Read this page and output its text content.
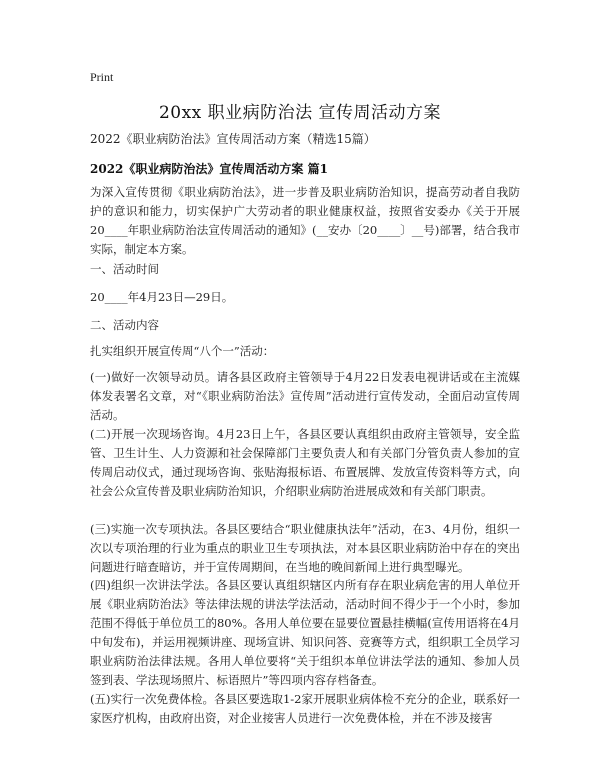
Print
20xx 职业病防治法 宣传周活动方案
2022《职业病防治法》宣传周活动方案（精选15篇）
2022《职业病防治法》宣传周活动方案 篇1

为深入宣传贯彻《职业病防治法》，进一步普及职业病防治知识，提高劳动者自我防护的意识和能力，切实保护广大劳动者的职业健康权益，按照省安委办《关于开展20____年职业病防治法宣传周活动的通知》(__安办〔20____〕__号)部署，结合我市实际，制定本方案。

一、活动时间

20____年4月23日—29日。

二、活动内容

扎实组织开展宣传周“八个一”活动：

(一)做好一次领导动员。请各县区政府主管领导于4月22日发表电视讲话或在主流媒体发表署名文章，对“《职业病防治法》宣传周”活动进行宣传发动，全面启动宣传周活动。

(二)开展一次现场咨询。4月23日上午，各县区要认真组织由政府主管领导，安全监管、卫生计生、人力资源和社会保障部门主要负责人和有关部门分管负责人参加的宣传周启动仪式，通过现场咨询、张贴海报标语、布置展牌、发放宣传资料等方式，向社会公众宣传普及职业病防治知识，介绍职业病防治进展成效和有关部门职责。

(三)实施一次专项执法。各县区要结合“职业健康执法年”活动，在3、4月份，组织一次以专项治理的行业为重点的职业卫生专项执法，对本县区职业病防治中存在的突出问题进行暗查暗访，并于宣传周期间，在当地的晚间新闻上进行典型曝光。

(四)组织一次讲法学法。各县区要认真组织辖区内所有存在职业病危害的用人单位开展《职业病防治法》等法律法规的讲法学法活动，活动时间不得少于一个小时，参加范围不得低于单位员工的80%。各用人单位要在显要位置悬挂横幅(宣传用语将在4月中旬发布)，并运用视频讲座、现场宣讲、知识问答、竞赛等方式，组织职工全员学习职业病防治法律法规。各用人单位要将“关于组织本单位讲法学法的通知、参加人员签到表、学法现场照片、标语照片”等四项内容存档备查。

(五)实行一次免费体检。各县区要选取1-2家开展职业病体检不充分的企业，联系好一家医疗机构，由政府出资，对企业接害人员进行一次免费体检，并在不涉及接害
